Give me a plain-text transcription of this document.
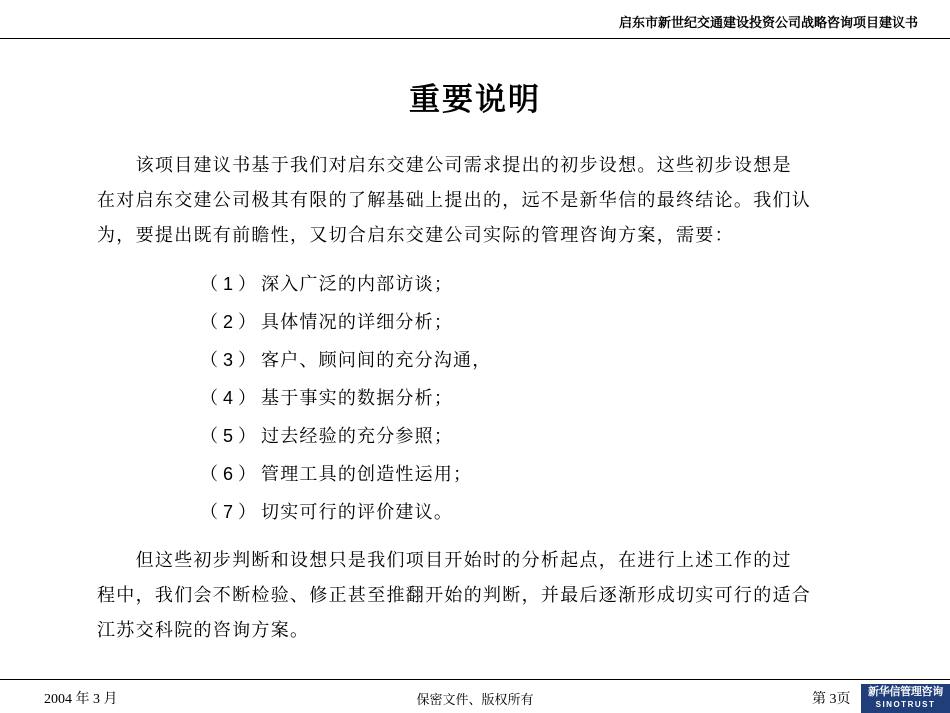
启东市新世纪交通建设投资公司战略咨询项目建议书
重要说明
　　该项目建议书基于我们对启东交建公司需求提出的初步设想。这些初步设想是
在对启东交建公司极其有限的了解基础上提出的，远不是新华信的最终结论。我们认
为，要提出既有前瞻性，又切合启东交建公司实际的管理咨询方案，需要：
（1）深入广泛的内部访谈；
（2）具体情况的详细分析；
（3）客户、顾问间的充分沟通，
（4）基于事实的数据分析；
（5）过去经验的充分参照；
（6）管理工具的创造性运用；
（7）切实可行的评价建议。
　　但这些初步判断和设想只是我们项目开始时的分析起点，在进行上述工作的过
程中，我们会不断检验、修正甚至推翻开始的判断，并最后逐渐形成切实可行的适合
江苏交科院的咨询方案。
2004 年 3 月	保密文件、版权所有	第 3页
新华信管理咨询
SINOTRUST
